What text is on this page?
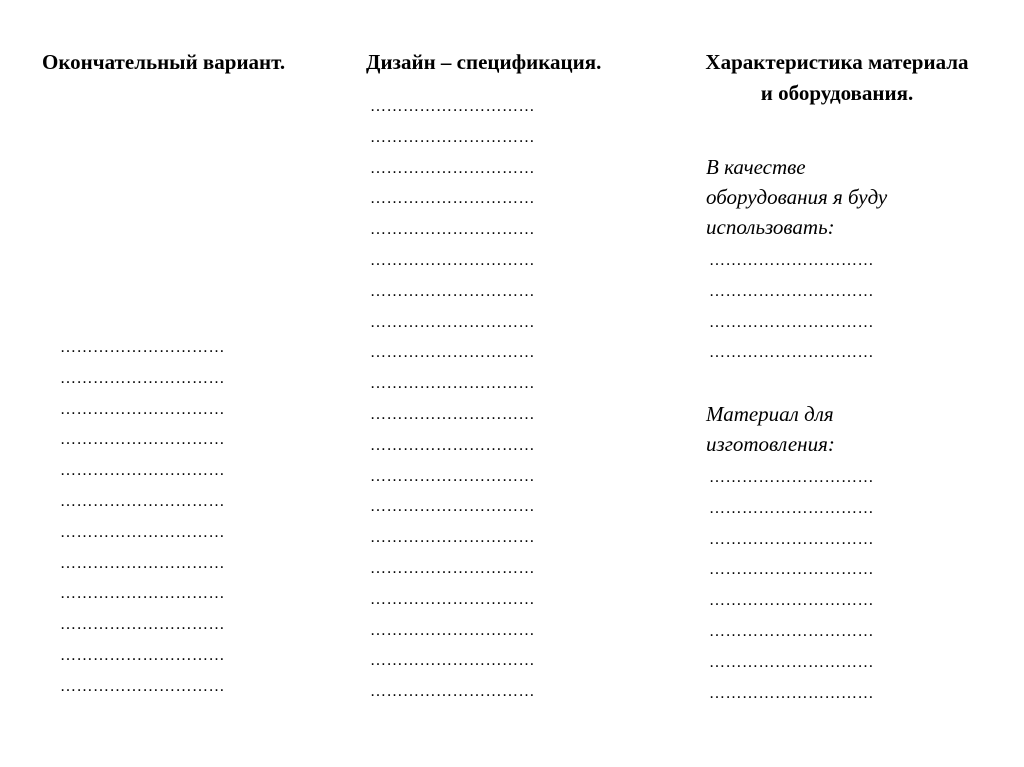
Окончательный вариант.	Дизайн – спецификация.	Характеристика материала
и оборудования.
…………………………
…………………………
…………………………
…………………………
…………………………
…………………………
…………………………
…………………………
…………………………
…………………………
…………………………
…………………………
…………………………
…………………………
…………………………
…………………………
…………………………
…………………………
…………………………
…………………………
…………………………
…………………………
…………………………
…………………………
…………………………
…………………………
…………………………
…………………………
…………………………
…………………………
…………………………
…………………………

В качестве
оборудования я буду
использовать:

…………………………
…………………………
…………………………
…………………………

Материал для
изготовления:

…………………………
…………………………
…………………………
…………………………
…………………………
…………………………
…………………………
…………………………
